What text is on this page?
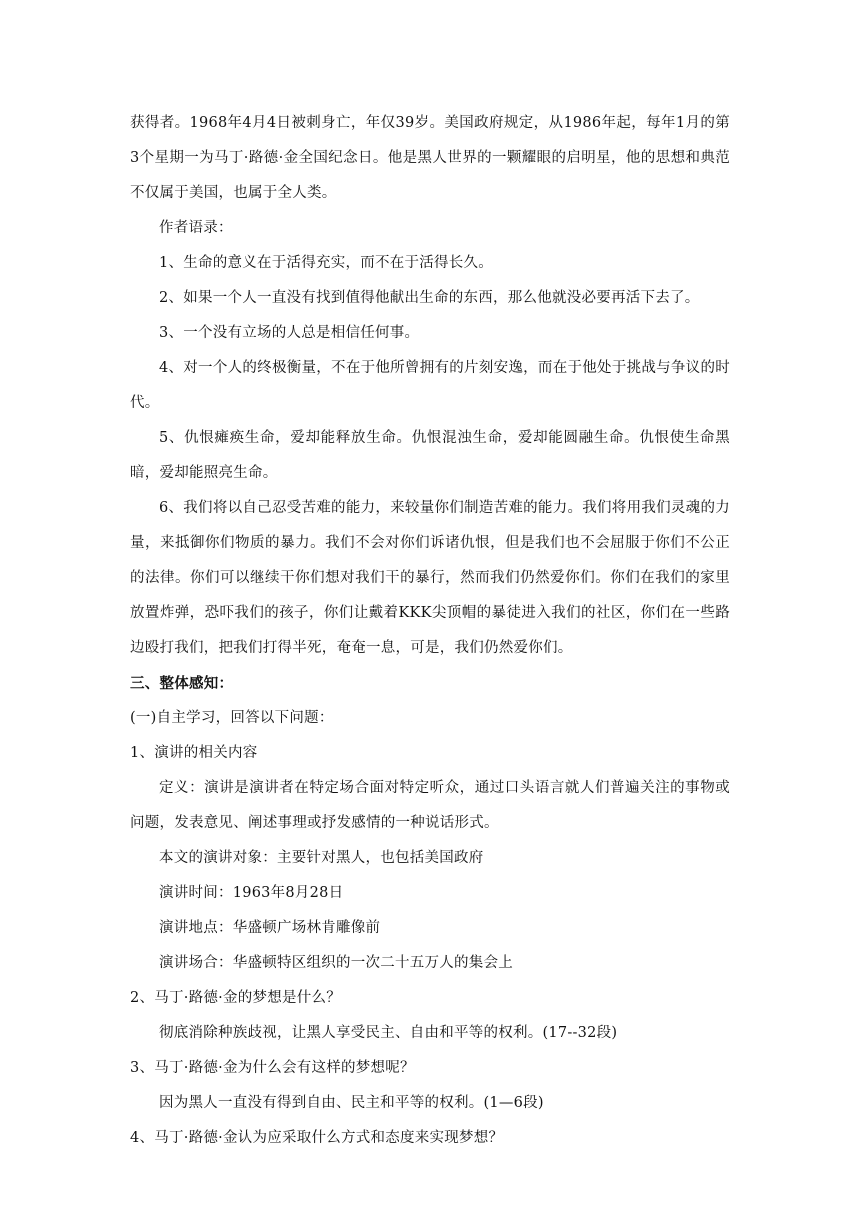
获得者。1968年4月4日被刺身亡，年仅39岁。美国政府规定，从1986年起，每年1月的第3个星期一为马丁·路德·金全国纪念日。他是黑人世界的一颗耀眼的启明星，他的思想和典范不仅属于美国，也属于全人类。

作者语录：

1、生命的意义在于活得充实，而不在于活得长久。

2、如果一个人一直没有找到值得他献出生命的东西，那么他就没必要再活下去了。

3、一个没有立场的人总是相信任何事。

4、对一个人的终极衡量，不在于他所曾拥有的片刻安逸，而在于他处于挑战与争议的时代。

5、仇恨瘫痪生命，爱却能释放生命。仇恨混浊生命，爱却能圆融生命。仇恨使生命黑暗，爱却能照亮生命。

6、我们将以自己忍受苦难的能力，来较量你们制造苦难的能力。我们将用我们灵魂的力量，来抵御你们物质的暴力。我们不会对你们诉诸仇恨，但是我们也不会屈服于你们不公正的法律。你们可以继续干你们想对我们干的暴行，然而我们仍然爱你们。你们在我们的家里放置炸弹，恐吓我们的孩子，你们让戴着KKK尖顶帽的暴徒进入我们的社区，你们在一些路边殴打我们，把我们打得半死，奄奄一息，可是，我们仍然爱你们。

三、整体感知：

(一)自主学习，回答以下问题：

1、演讲的相关内容

定义：演讲是演讲者在特定场合面对特定听众，通过口头语言就人们普遍关注的事物或问题，发表意见、阐述事理或抒发感情的一种说话形式。

本文的演讲对象：主要针对黑人，也包括美国政府

演讲时间：1963年8月28日

演讲地点：华盛顿广场林肯雕像前

演讲场合：华盛顿特区组织的一次二十五万人的集会上

2、马丁·路德·金的梦想是什么？

彻底消除种族歧视，让黑人享受民主、自由和平等的权利。(17--32段)

3、马丁·路德·金为什么会有这样的梦想呢？

因为黑人一直没有得到自由、民主和平等的权利。(1—6段)

4、马丁·路德·金认为应采取什么方式和态度来实现梦想？
